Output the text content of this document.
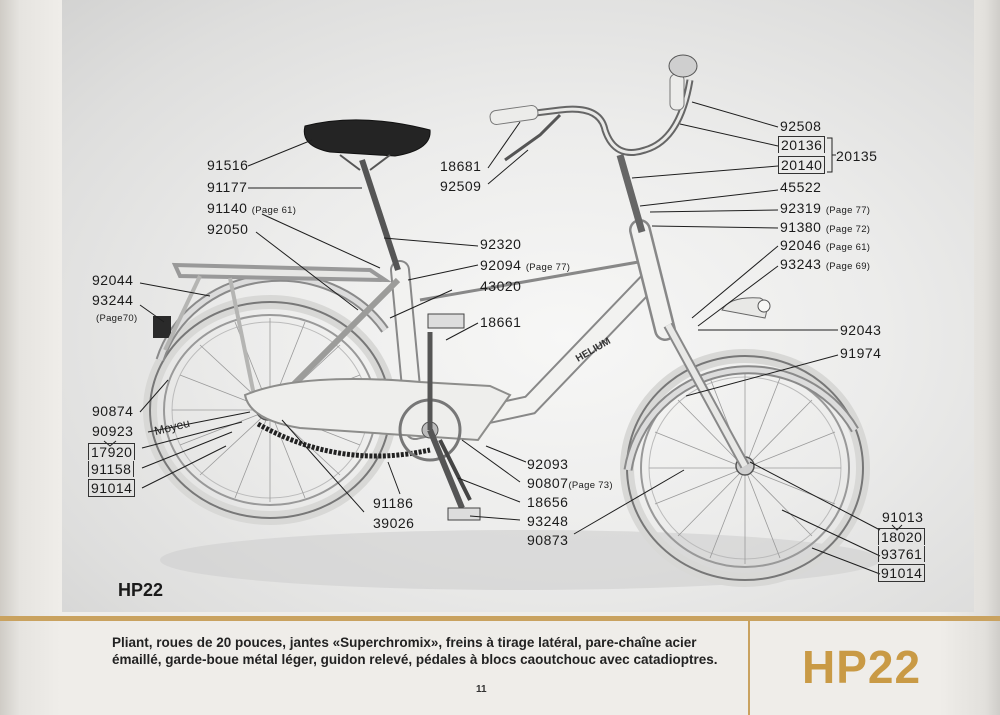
HELIUM
Moyeu
91516
91177
91140 (Page 61)
92050
92044
93244
(Page70)
18681
92509
92320
92094 (Page 77)
43020
18661
92508
20136
20140
20135
45522
92319 (Page 77)
91380 (Page 72)
92046 (Page 61)
93243 (Page 69)
92043
91974
90874
90923
17920
91158
91014
92093
90807(Page 73)
18656
91186
39026	93248
90873
91013
18020
93761
91014
HP22
Pliant, roues de 20 pouces, jantes «Superchromix», freins à tirage latéral, pare-chaîne acier émaillé, garde-boue métal léger, guidon relevé, pédales à blocs caoutchouc avec catadioptres.
11	HP22
